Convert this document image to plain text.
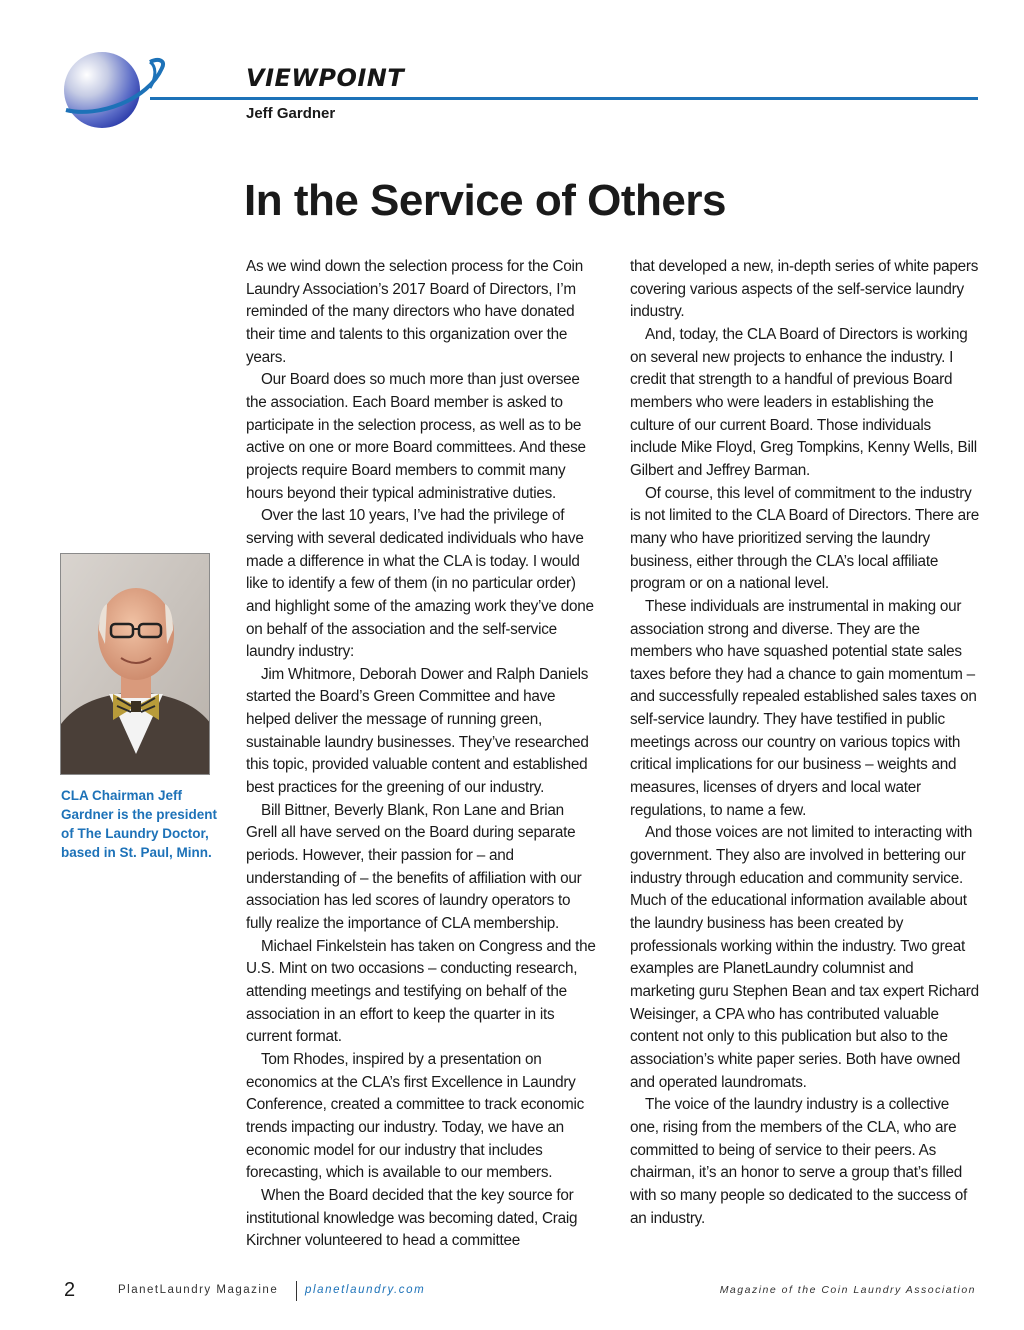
VIEWPOINT
Jeff Gardner
In the Service of Others
CLA Chairman Jeff Gardner is the president of The Laundry Doctor, based in St. Paul, Minn.

As we wind down the selection process for the Coin Laundry Association’s 2017 Board of Directors, I’m reminded of the many directors who have donated their time and talents to this organization over the years.

Our Board does so much more than just oversee the association. Each Board member is asked to participate in the selection process, as well as to be active on one or more Board committees. And these projects require Board members to commit many hours beyond their typical administrative duties.

Over the last 10 years, I’ve had the privilege of serving with several dedicated individuals who have made a difference in what the CLA is today. I would like to identify a few of them (in no particular order) and highlight some of the amazing work they’ve done on behalf of the association and the self-service laundry industry:

Jim Whitmore, Deborah Dower and Ralph Daniels started the Board’s Green Committee and have helped deliver the message of running green, sustainable laundry businesses. They’ve researched this topic, provided valuable content and established best practices for the greening of our industry.

Bill Bittner, Beverly Blank, Ron Lane and Brian Grell all have served on the Board during separate periods. However, their passion for – and understanding of – the benefits of affiliation with our association has led scores of laundry operators to fully realize the importance of CLA membership.

Michael Finkelstein has taken on Congress and the U.S. Mint on two occasions – conducting research, attending meetings and testifying on behalf of the association in an effort to keep the quarter in its current format.

Tom Rhodes, inspired by a presentation on economics at the CLA’s first Excellence in Laundry Conference, created a committee to track economic trends impacting our industry. Today, we have an economic model for our industry that includes forecasting, which is available to our members.

When the Board decided that the key source for institutional knowledge was becoming dated, Craig Kirchner volunteered to head a committee

that developed a new, in-depth series of white papers covering various aspects of the self-service laundry industry.

And, today, the CLA Board of Directors is working on several new projects to enhance the industry. I credit that strength to a handful of previous Board members who were leaders in establishing the culture of our current Board. Those individuals include Mike Floyd, Greg Tompkins, Kenny Wells, Bill Gilbert and Jeffrey Barman.

Of course, this level of commitment to the industry is not limited to the CLA Board of Directors. There are many who have prioritized serving the laundry business, either through the CLA’s local affiliate program or on a national level.

These individuals are instrumental in making our association strong and diverse. They are the members who have squashed potential state sales taxes before they had a chance to gain momentum – and successfully repealed established sales taxes on self-service laundry. They have testified in public meetings across our country on various topics with critical implications for our business – weights and measures, licenses of dryers and local water regulations, to name a few.

And those voices are not limited to interacting with government. They also are involved in bettering our industry through education and community service. Much of the educational information available about the laundry business has been created by professionals working within the industry. Two great examples are PlanetLaundry columnist and marketing guru Stephen Bean and tax expert Richard Weisinger, a CPA who has contributed valuable content not only to this publication but also to the association’s white paper series. Both have owned and operated laundromats.

The voice of the laundry industry is a collective one, rising from the members of the CLA, who are committed to being of service to their peers. As chairman, it’s an honor to serve a group that’s filled with so many people so dedicated to the success of an industry.

2	PlanetLaundry Magazine planetlaundry.com	Magazine of the Coin Laundry Association
